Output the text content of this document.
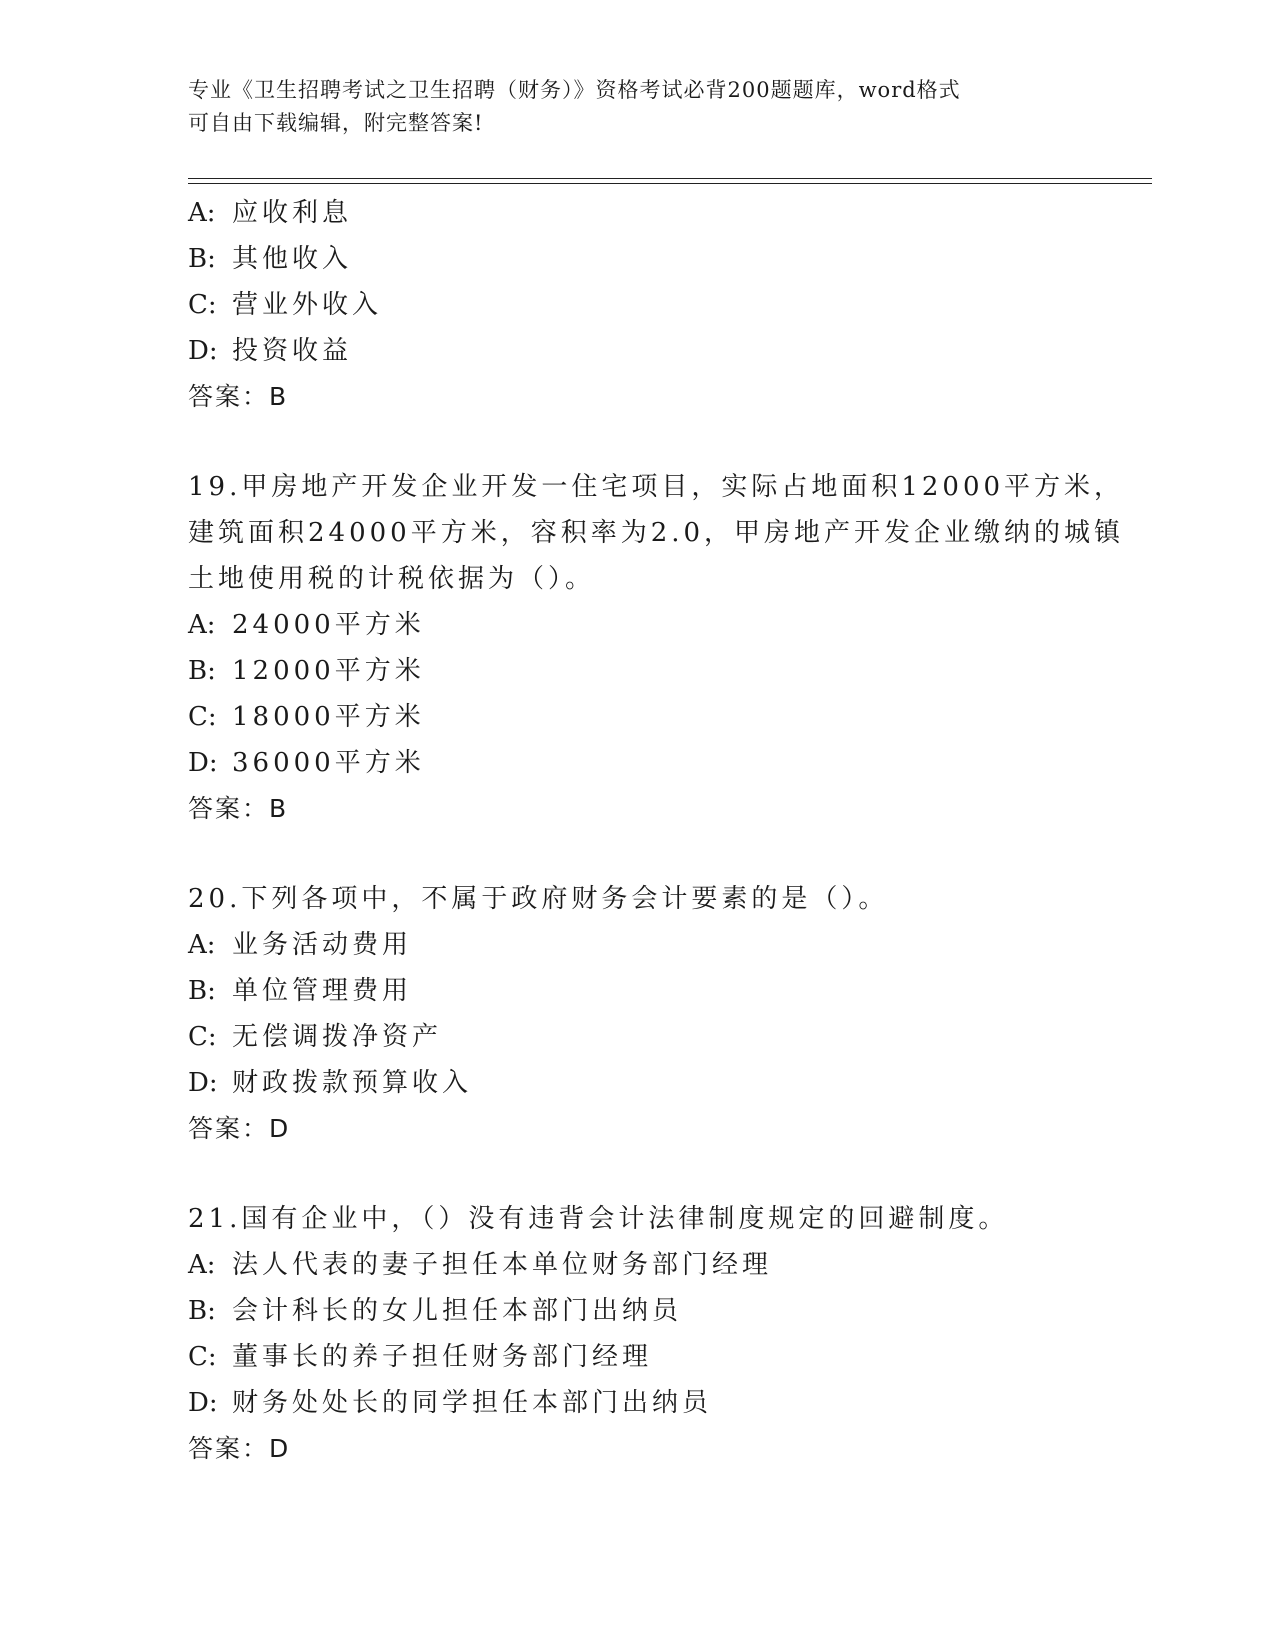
专业《卫生招聘考试之卫生招聘（财务）》资格考试必背200题题库，word格式
可自由下载编辑，附完整答案!
A: 应收利息
B: 其他收入
C: 营业外收入
D: 投资收益
答案：B
19.甲房地产开发企业开发一住宅项目，实际占地面积12000平方米，
建筑面积24000平方米，容积率为2.0，甲房地产开发企业缴纳的城镇
土地使用税的计税依据为（）。
A: 24000平方米
B: 12000平方米
C: 18000平方米
D: 36000平方米
答案：B
20.下列各项中，不属于政府财务会计要素的是（）。
A: 业务活动费用
B: 单位管理费用
C: 无偿调拨净资产
D: 财政拨款预算收入
答案：D
21.国有企业中，（）没有违背会计法律制度规定的回避制度。
A: 法人代表的妻子担任本单位财务部门经理
B: 会计科长的女儿担任本部门出纳员
C: 董事长的养子担任财务部门经理
D: 财务处处长的同学担任本部门出纳员
答案：D
